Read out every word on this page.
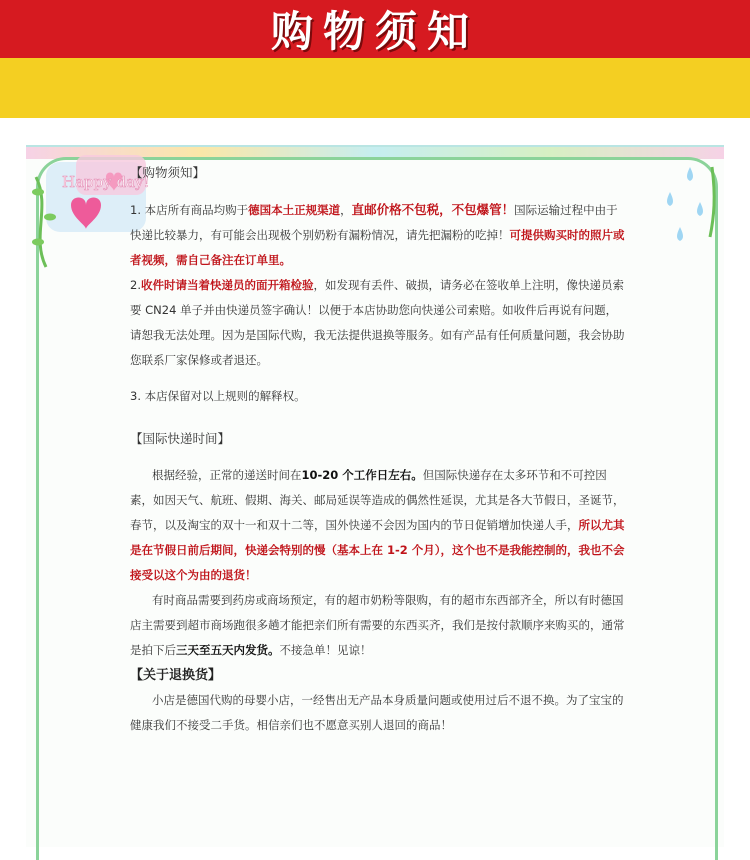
购物须知
Happy day!
【购物须知】

1. 本店所有商品均购于德国本土正规渠道，直邮价格不包税，不包爆管！国际运输过程中由于快递比较暴力，有可能会出现极个别奶粉有漏粉情况，请先把漏粉的吃掉！可提供购买时的照片或者视频，需自己备注在订单里。

2.收件时请当着快递员的面开箱检验，如发现有丢件、破损，请务必在签收单上注明，像快递员索要 CN24 单子并由快递员签字确认！以便于本店协助您向快递公司索赔。如收件后再说有问题，请恕我无法处理。因为是国际代购，我无法提供退换等服务。如有产品有任何质量问题，我会协助您联系厂家保修或者退还。

3. 本店保留对以上规则的解释权。

【国际快递时间】

根据经验，正常的递送时间在10-20 个工作日左右。但国际快递存在太多环节和不可控因素，如因天气、航班、假期、海关、邮局延误等造成的偶然性延误，尤其是各大节假日，圣诞节，春节，以及淘宝的双十一和双十二等，国外快递不会因为国内的节日促销增加快递人手，所以尤其是在节假日前后期间，快递会特别的慢（基本上在 1-2 个月），这个也不是我能控制的，我也不会接受以这个为由的退货！

有时商品需要到药房或商场预定，有的超市奶粉等限购，有的超市东西部齐全，所以有时德国店主需要到超市商场跑很多趟才能把亲们所有需要的东西买齐，我们是按付款顺序来购买的，通常是拍下后三天至五天内发货。不接急单！见谅！

【关于退换货】

小店是德国代购的母婴小店，一经售出无产品本身质量问题或使用过后不退不换。为了宝宝的健康我们不接受二手货。相信亲们也不愿意买别人退回的商品！
